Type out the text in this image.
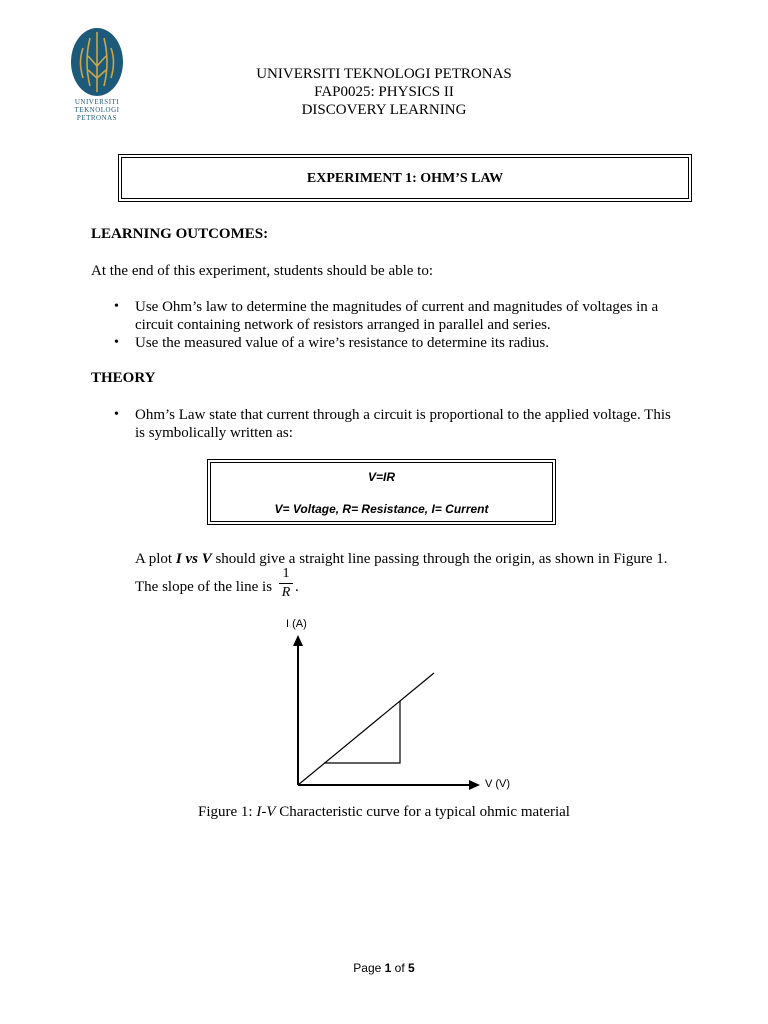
UNIVERSITI
TEKNOLOGI
PETRONAS
UNIVERSITI TEKNOLOGI PETRONAS
FAP0025: PHYSICS II
DISCOVERY LEARNING
EXPERIMENT 1: OHM’S LAW
LEARNING OUTCOMES:
At the end of this experiment, students should be able to:
• Use Ohm’s law to determine the magnitudes of current and magnitudes of voltages in a
circuit containing network of resistors arranged in parallel and series.
• Use the measured value of a wire’s resistance to determine its radius.
THEORY
• Ohm’s Law state that current through a circuit is proportional to the applied voltage. This
is symbolically written as:
V=IR
V= Voltage, R= Resistance, I= Current
A plot I vs V should give a straight line passing through the origin, as shown in Figure 1.
The slope of the line is
1
R .
I (A)
V (V)
Figure 1: I-V Characteristic curve for a typical ohmic material
Page 1 of 5
